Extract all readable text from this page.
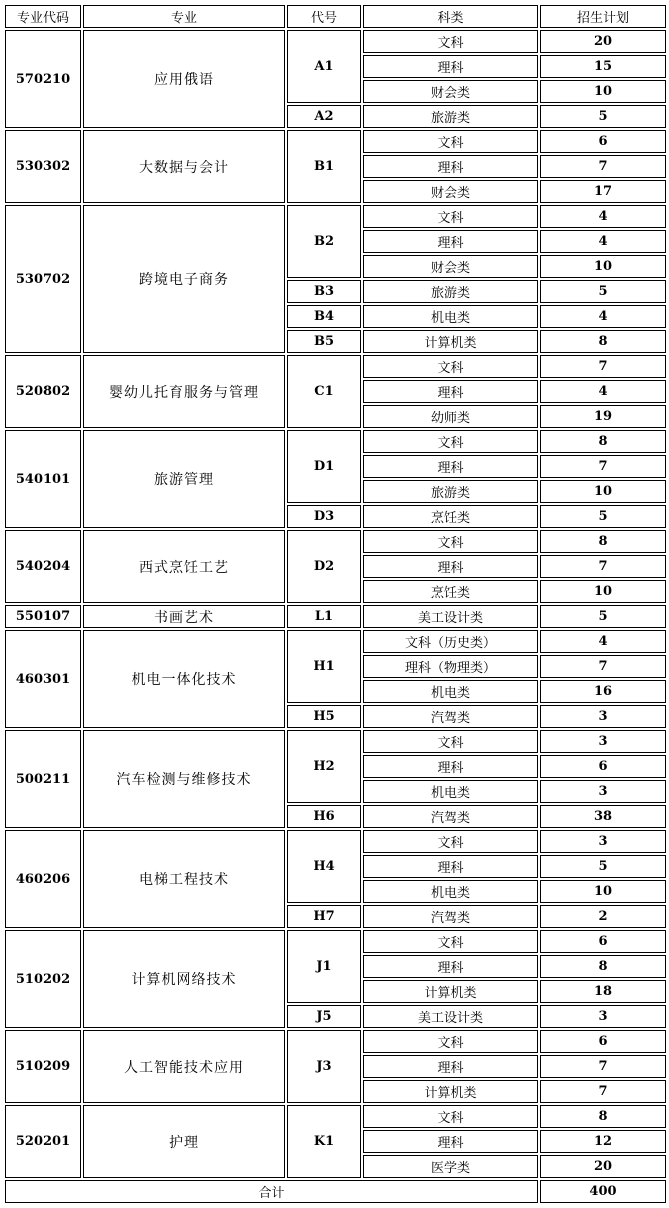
专业代码	专业	代号	科类	招生计划
570210	应用俄语	A1	文科	20
			理科	15
			财会类	10
		A2	旅游类	5
530302	大数据与会计	B1	文科	6
			理科	7
			财会类	17
530702	跨境电子商务	B2	文科	4
			理科	4
			财会类	10
		B3	旅游类	5
		B4	机电类	4
		B5	计算机类	8
520802	婴幼儿托育服务与管理	C1	文科	7
			理科	4
			幼师类	19
540101	旅游管理	D1	文科	8
			理科	7
			旅游类	10
		D3	烹饪类	5
540204	西式烹饪工艺	D2	文科	8
			理科	7
			烹饪类	10
550107	书画艺术	L1	美工设计类	5
460301	机电一体化技术	H1	文科（历史类）	4
			理科（物理类）	7
			机电类	16
		H5	汽驾类	3
500211	汽车检测与维修技术	H2	文科	3
			理科	6
			机电类	3
		H6	汽驾类	38
460206	电梯工程技术	H4	文科	3
			理科	5
			机电类	10
		H7	汽驾类	2
510202	计算机网络技术	J1	文科	6
			理科	8
			计算机类	18
		J5	美工设计类	3
510209	人工智能技术应用	J3	文科	6
			理科	7
			计算机类	7
520201	护理	K1	文科	8
			理科	12
			医学类	20
合计				400
